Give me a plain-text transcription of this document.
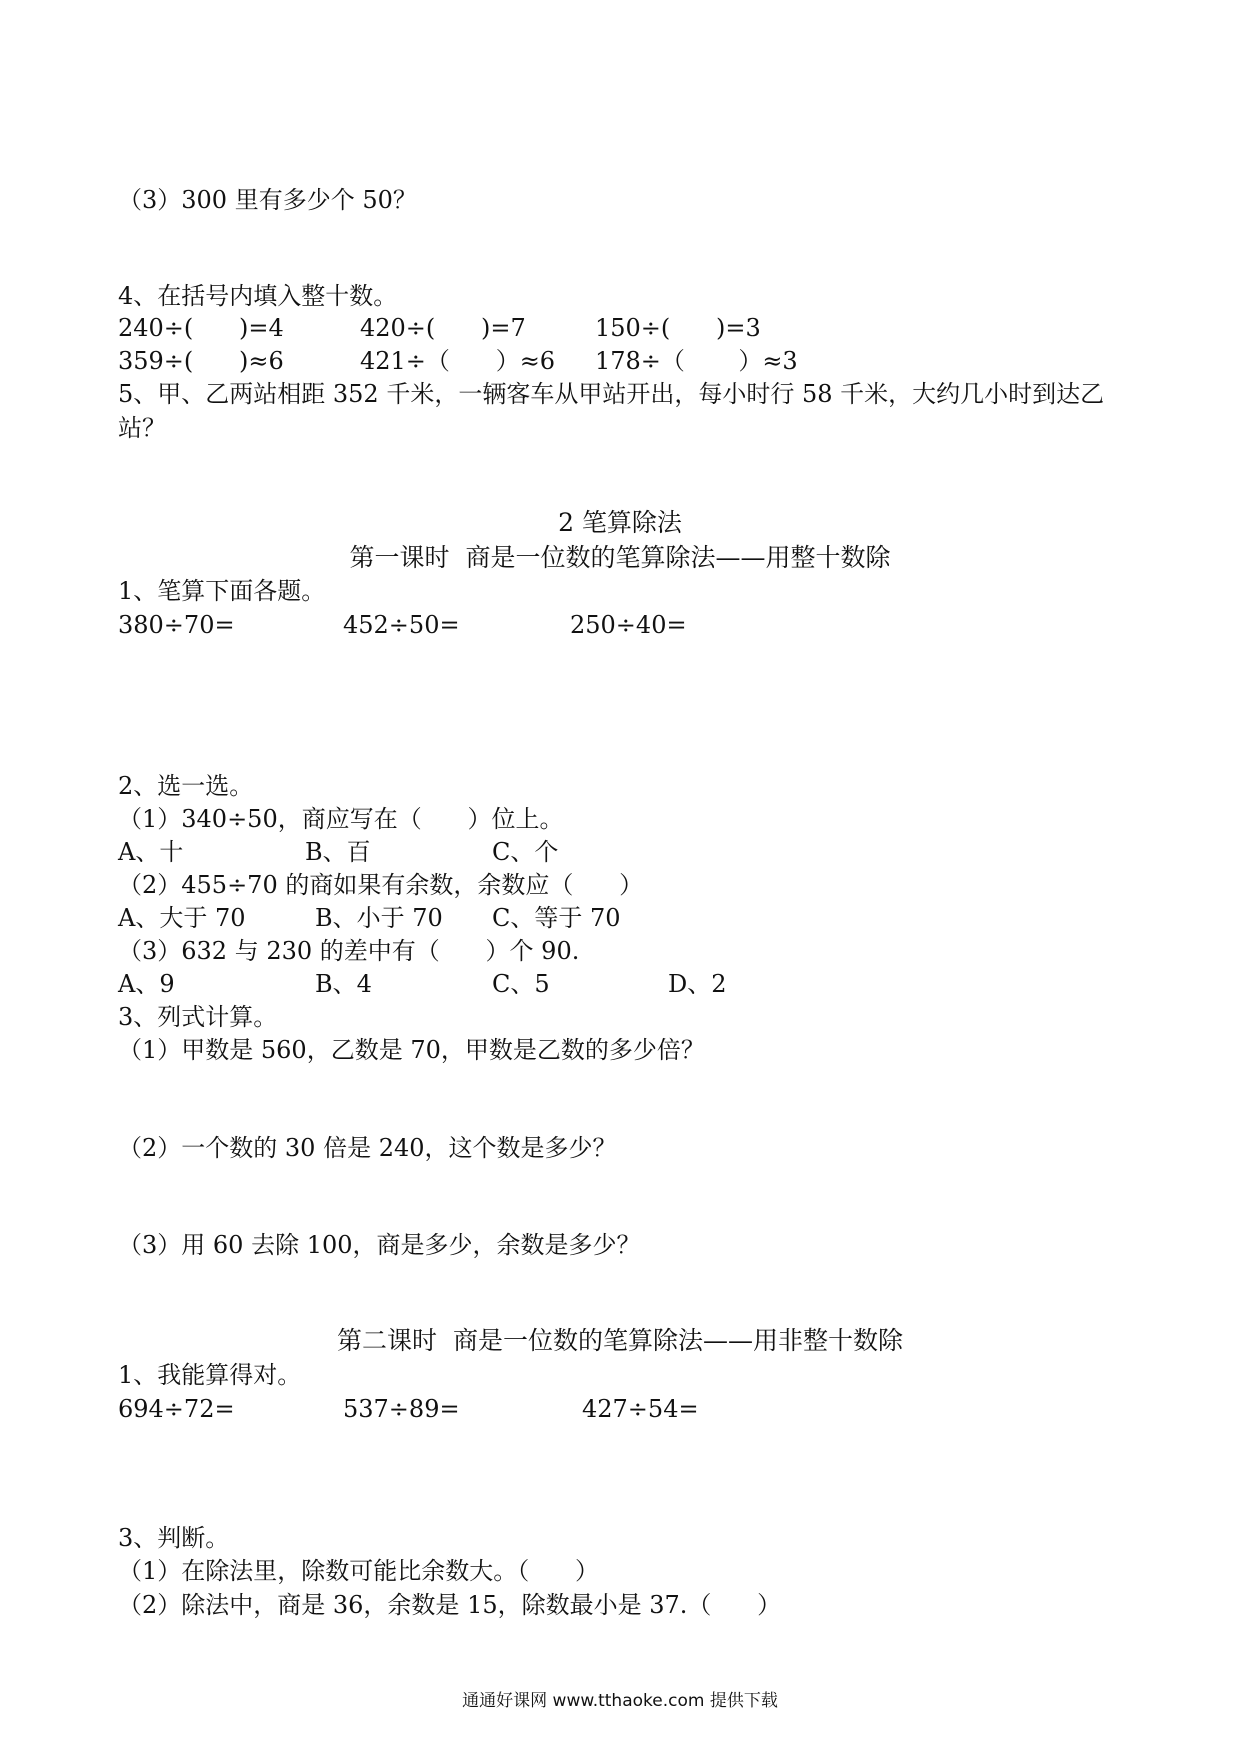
（3）300 里有多少个 50？
4、在括号内填入整十数。
240÷(      )=4	420÷(      )=7	150÷(      )=3
359÷(      )≈6	421÷（      ）≈6 178÷（       ）≈3
5、甲、乙两站相距 352 千米，一辆客车从甲站开出，每小时行 58 千米，大约几小时到达乙
站？
2 笔算除法
第一课时  商是一位数的笔算除法——用整十数除
1、笔算下面各题。
380÷70=	452÷50=	250÷40=
2、选一选。
（1）340÷50，商应写在（      ）位上。
A、十	B、百	C、个
（2）455÷70 的商如果有余数，余数应（      ）
A、大于 70	B、小于 70 C、等于 70
（3）632 与 230 的差中有（      ）个 90.
A、9	B、4	C、5	D、2
3、列式计算。
（1）甲数是 560，乙数是 70，甲数是乙数的多少倍？
（2）一个数的 30 倍是 240，这个数是多少？
（3）用 60 去除 100，商是多少，余数是多少？
第二课时  商是一位数的笔算除法——用非整十数除
1、我能算得对。
694÷72=	537÷89=	427÷54=
3、判断。
（1）在除法里，除数可能比余数大。（      ）
（2）除法中，商是 36，余数是 15，除数最小是 37.（      ）
通通好课网 www.tthaoke.com 提供下载
